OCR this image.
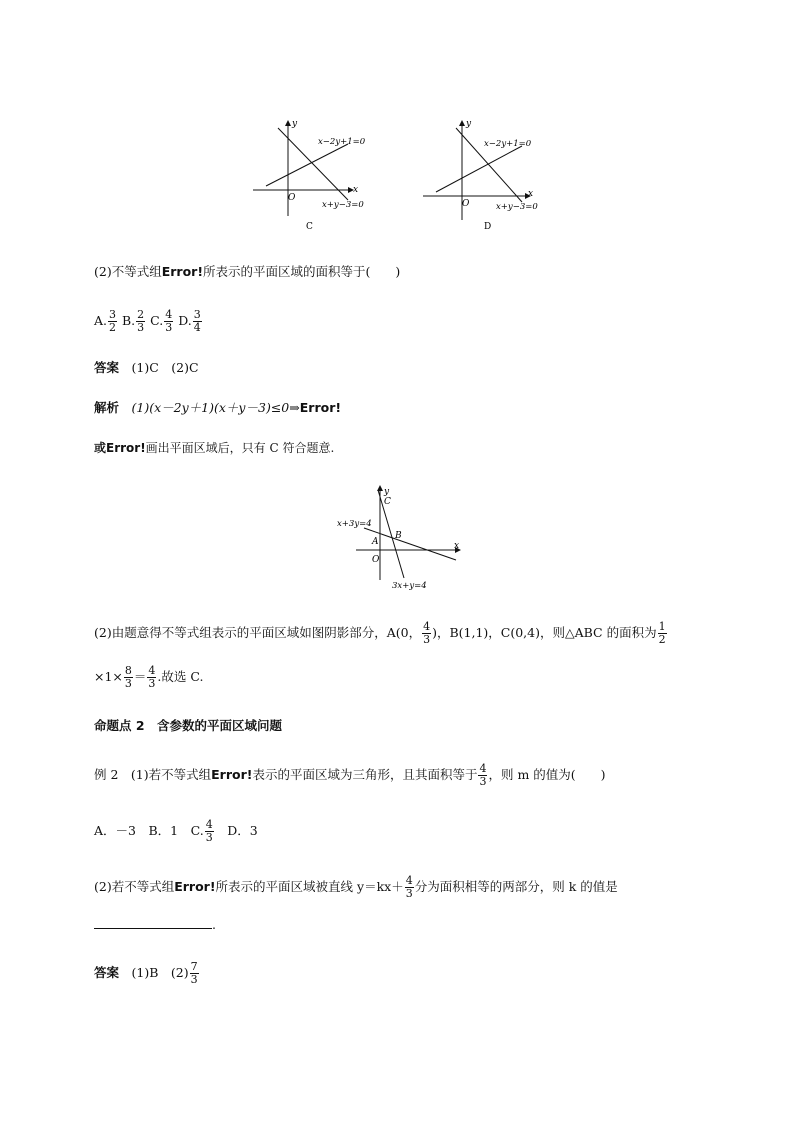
y
x
O
x−2y+1=0
x+y−3=0
C
y
x
O
x−2y+1=0
x+y−3=0
D
(2)不等式组Error!所表示的平面区域的面积等于(　　)
A. $\frac{3}{2} B$. $\frac{2}{3} C$. $\frac{4}{3} D$. $\frac{3}{4}$
答案　 (1)C　(2)C
解析　 (1)(x－2y＋1)(x＋y－3)≤0⇒Error!
或Error!画出平面区域后，只有 C 符合题意.
y
x
C
A
B
O
x+3y=4
3x+y=4
(2)由题意得不等式组表示的平面区域如图阴影部分，A(0， $\frac{4}{3}$ )，B(1,1)，C(0,4)，则△ABC 的面积为 $\frac{1}{2}$
$\times 1\times \frac{8}{3} = \frac{4}{3}$ .故选 C.
命题点 2　含参数的平面区域问题
例 2　(1)若不等式组Error!表示的平面区域为三角形，且其面积等于 $\frac{4}{3}$ ，则 m 的值为(　　)
A．－3　B．1　C. $\frac{4}{3}$ 　D．3
(2)若不等式组Error!所表示的平面区域被直线 $y=kx+ \frac{4}{3}$ 分为面积相等的两部分，则 k 的值是
.
答案　 (1)B　$(2) \frac{7}{3}$
